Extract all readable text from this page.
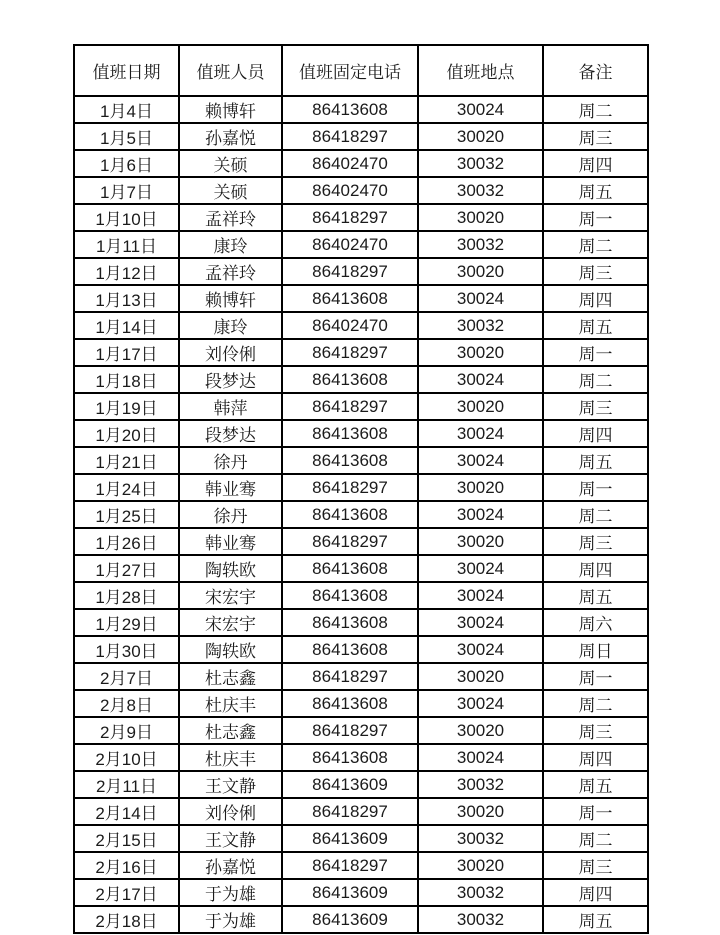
值班日期	值班人员	值班固定电话	值班地点	备注
1月4日	赖博轩	86413608	30024	周二
1月5日	孙嘉悦	86418297	30020	周三
1月6日	关硕	86402470	30032	周四
1月7日	关硕	86402470	30032	周五
1月10日	孟祥玲	86418297	30020	周一
1月11日	康玲	86402470	30032	周二
1月12日	孟祥玲	86418297	30020	周三
1月13日	赖博轩	86413608	30024	周四
1月14日	康玲	86402470	30032	周五
1月17日	刘伶俐	86418297	30020	周一
1月18日	段梦达	86413608	30024	周二
1月19日	韩萍	86418297	30020	周三
1月20日	段梦达	86413608	30024	周四
1月21日	徐丹	86413608	30024	周五
1月24日	韩业骞	86418297	30020	周一
1月25日	徐丹	86413608	30024	周二
1月26日	韩业骞	86418297	30020	周三
1月27日	陶轶欧	86413608	30024	周四
1月28日	宋宏宇	86413608	30024	周五
1月29日	宋宏宇	86413608	30024	周六
1月30日	陶轶欧	86413608	30024	周日
2月7日	杜志鑫	86418297	30020	周一
2月8日	杜庆丰	86413608	30024	周二
2月9日	杜志鑫	86418297	30020	周三
2月10日	杜庆丰	86413608	30024	周四
2月11日	王文静	86413609	30032	周五
2月14日	刘伶俐	86418297	30020	周一
2月15日	王文静	86413609	30032	周二
2月16日	孙嘉悦	86418297	30020	周三
2月17日	于为雄	86413609	30032	周四
2月18日	于为雄	86413609	30032	周五
